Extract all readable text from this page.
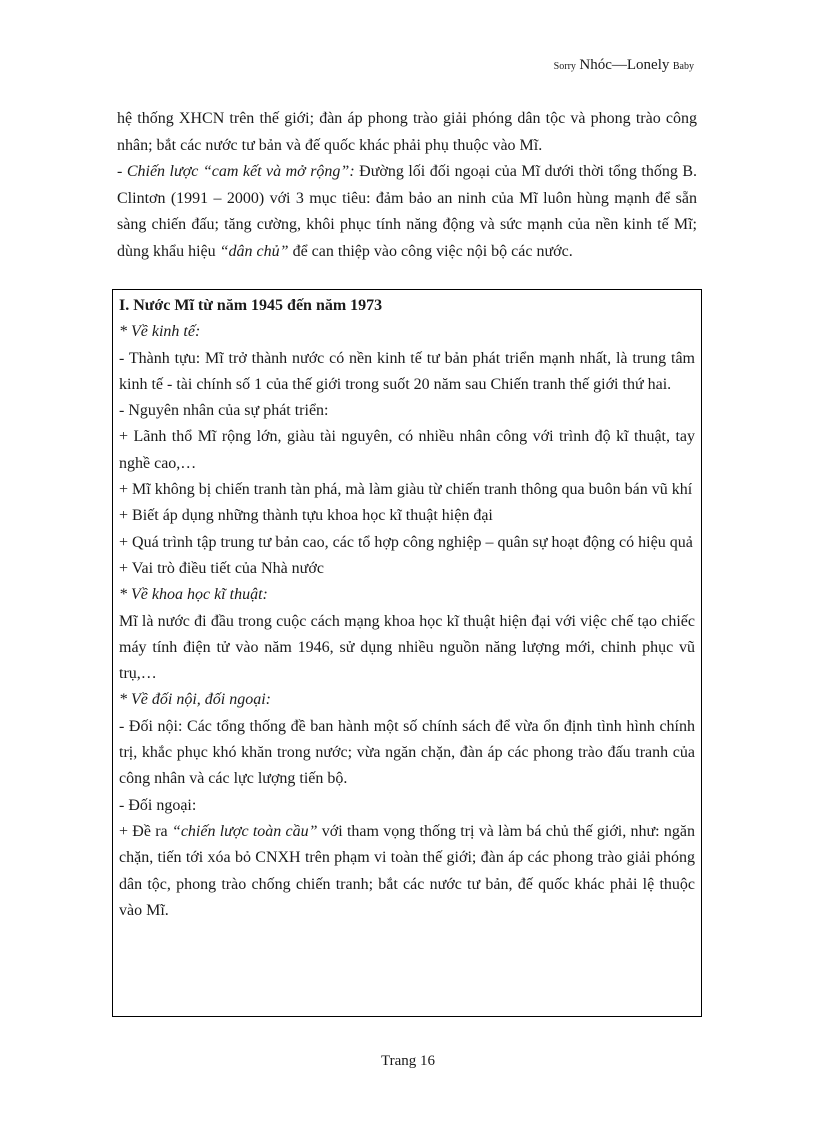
Sorry Nhóc—Lonely Baby

hệ thống XHCN trên thế giới; đàn áp phong trào giải phóng dân tộc và phong trào công nhân; bắt các nước tư bản và đế quốc khác phải phụ thuộc vào Mĩ.

- Chiến lược “cam kết và mở rộng”: Đường lối đối ngoại của Mĩ dưới thời tổng thống B. Clintơn (1991 – 2000) với 3 mục tiêu: đảm bảo an ninh của Mĩ luôn hùng mạnh để sẵn sàng chiến đấu; tăng cường, khôi phục tính năng động và sức mạnh của nền kinh tế Mĩ; dùng khẩu hiệu “dân chủ” để can thiệp vào công việc nội bộ các nước.

I. Nước Mĩ từ năm 1945 đến năm 1973

* Về kinh tế:

- Thành tựu: Mĩ trở thành nước có nền kinh tế tư bản phát triển mạnh nhất, là trung tâm kinh tế - tài chính số 1 của thế giới trong suốt 20 năm sau Chiến tranh thế giới thứ hai.

- Nguyên nhân của sự phát triển:

+ Lãnh thổ Mĩ rộng lớn, giàu tài nguyên, có nhiều nhân công với trình độ kĩ thuật, tay nghề cao,…

+ Mĩ không bị chiến tranh tàn phá, mà làm giàu từ chiến tranh thông qua buôn bán vũ khí

+ Biết áp dụng những thành tựu khoa học kĩ thuật hiện đại

+ Quá trình tập trung tư bản cao, các tổ hợp công nghiệp – quân sự hoạt động có hiệu quả

+ Vai trò điều tiết của Nhà nước

* Về khoa học kĩ thuật:

Mĩ là nước đi đầu trong cuộc cách mạng khoa học kĩ thuật hiện đại với việc chế tạo chiếc máy tính điện tử vào năm 1946, sử dụng nhiều nguồn năng lượng mới, chinh phục vũ trụ,…

* Về đối nội, đối ngoại:

- Đối nội: Các tổng thống đề ban hành một số chính sách để vừa ổn định tình hình chính trị, khắc phục khó khăn trong nước; vừa ngăn chặn, đàn áp các phong trào đấu tranh của công nhân và các lực lượng tiến bộ.

- Đối ngoại:

+ Đề ra “chiến lược toàn cầu” với tham vọng thống trị và làm bá chủ thế giới, như: ngăn chặn, tiến tới xóa bỏ CNXH trên phạm vi toàn thế giới; đàn áp các phong trào giải phóng dân tộc, phong trào chống chiến tranh; bắt các nước tư bản, đế quốc khác phải lệ thuộc vào Mĩ.

Trang 16
